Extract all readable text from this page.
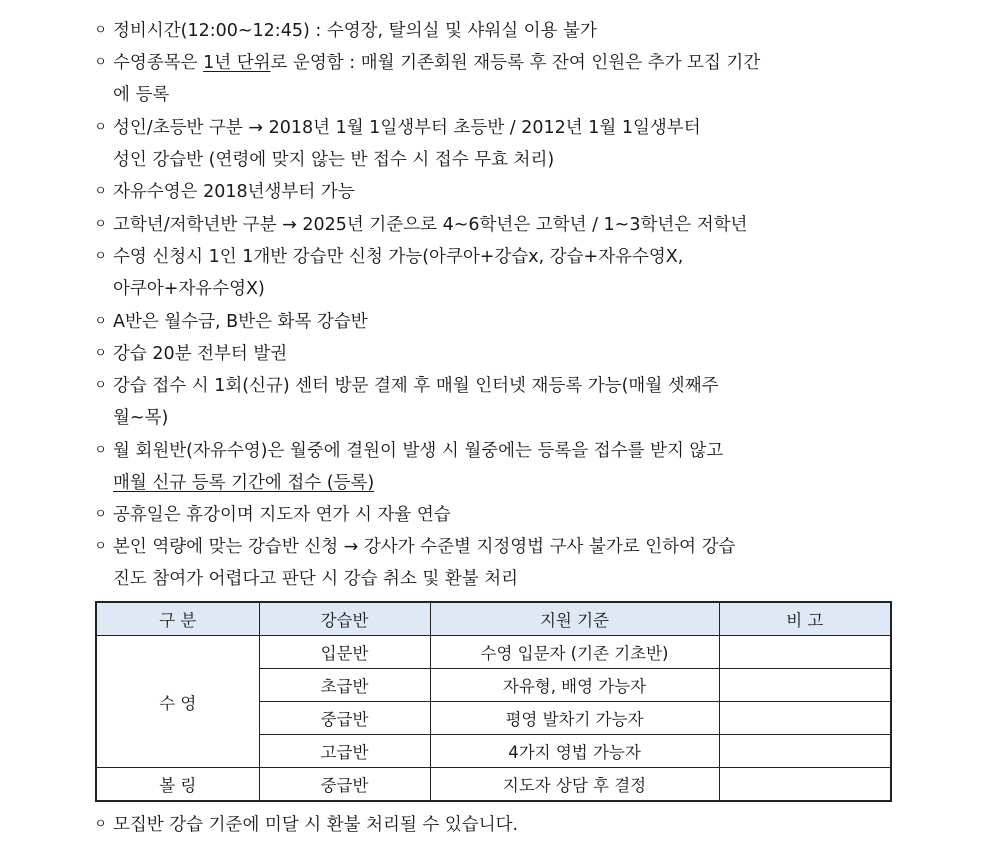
ㅇ 정비시간(12:00~12:45) : 수영장, 탈의실 및 샤워실 이용 불가
ㅇ 수영종목은 1년 단위로 운영함 : 매월 기존회원 재등록 후 잔여 인원은 추가 모집 기간
에 등록
ㅇ 성인/초등반 구분 → 2018년 1월 1일생부터 초등반 / 2012년 1월 1일생부터
성인 강습반 (연령에 맞지 않는 반 접수 시 접수 무효 처리)
ㅇ 자유수영은 2018년생부터 가능
ㅇ 고학년/저학년반 구분 → 2025년 기준으로 4~6학년은 고학년 / 1~3학년은 저학년
ㅇ 수영 신청시 1인 1개반 강습만 신청 가능(아쿠아+강습x, 강습+자유수영X,
아쿠아+자유수영X)
ㅇ A반은 월수금, B반은 화목 강습반
ㅇ 강습 20분 전부터 발권
ㅇ 강습 접수 시 1회(신규) 센터 방문 결제 후 매월 인터넷 재등록 가능(매월 셋째주
월~목)
ㅇ 월 회원반(자유수영)은 월중에 결원이 발생 시 월중에는 등록을 접수를 받지 않고
매월 신규 등록 기간에 접수 (등록)
ㅇ 공휴일은 휴강이며 지도자 연가 시 자율 연습
ㅇ 본인 역량에 맞는 강습반 신청 → 강사가 수준별 지정영법 구사 불가로 인하여 강습
진도 참여가 어렵다고 판단 시 강습 취소 및 환불 처리
구 분	강습반	지원 기준	비 고
수 영	입문반	수영 입문자 (기존 기초반)	
	초급반	자유형, 배영 가능자	
	중급반	평영 발차기 가능자	
	고급반	4가지 영법 가능자	
볼 링	중급반	지도자 상담 후 결정	
ㅇ 모집반 강습 기준에 미달 시 환불 처리될 수 있습니다.
